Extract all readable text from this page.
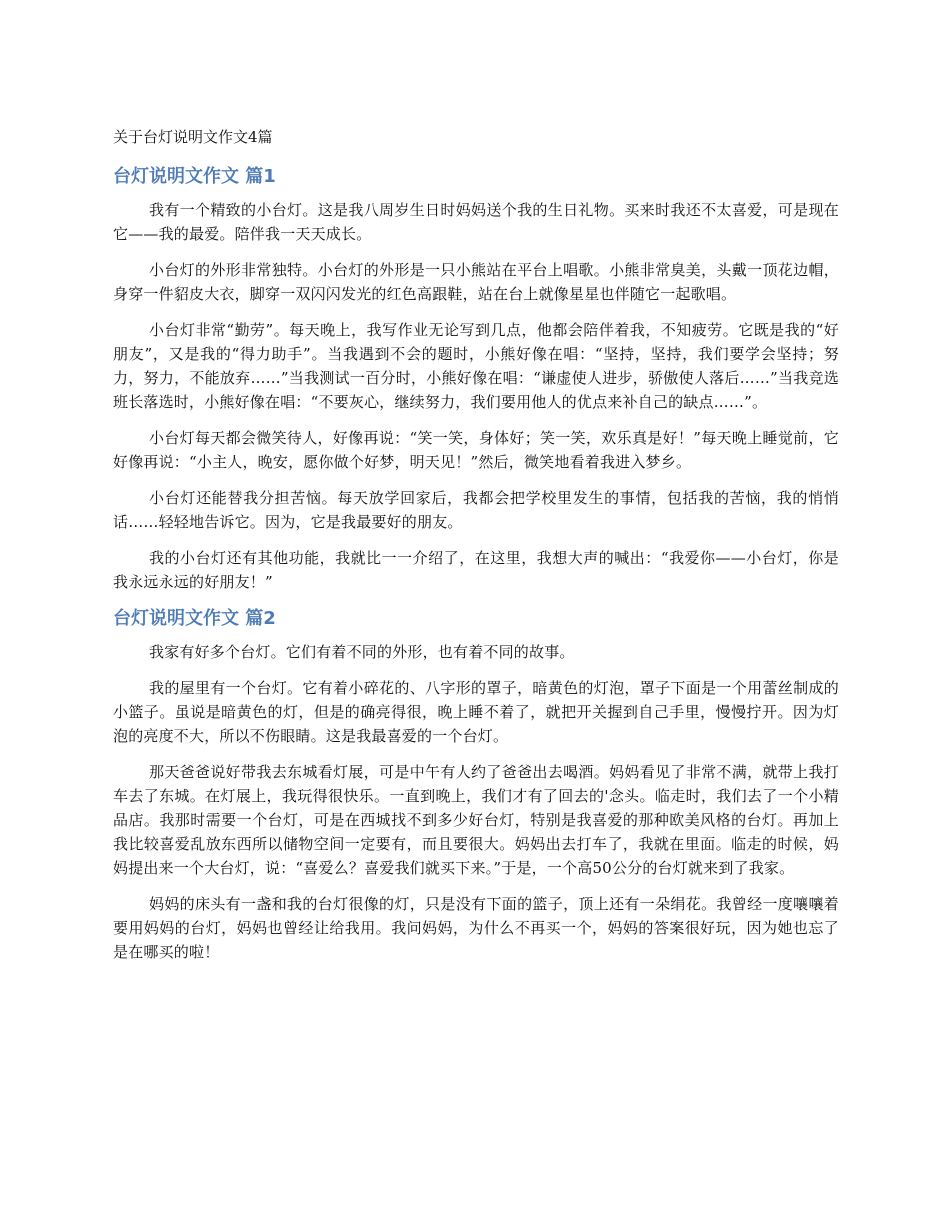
关于台灯说明文作文4篇
台灯说明文作文 篇1

我有一个精致的小台灯。这是我八周岁生日时妈妈送个我的生日礼物。买来时我还不太喜爱，可是现在它——我的最爱。陪伴我一天天成长。

小台灯的外形非常独特。小台灯的外形是一只小熊站在平台上唱歌。小熊非常臭美，头戴一顶花边帽，身穿一件貂皮大衣，脚穿一双闪闪发光的红色高跟鞋，站在台上就像星星也伴随它一起歌唱。

小台灯非常“勤劳”。每天晚上，我写作业无论写到几点，他都会陪伴着我，不知疲劳。它既是我的“好朋友”，又是我的“得力助手”。当我遇到不会的题时，小熊好像在唱：“坚持，坚持，我们要学会坚持；努力，努力，不能放弃……”当我测试一百分时，小熊好像在唱：“谦虚使人进步，骄傲使人落后……”当我竞选班长落选时，小熊好像在唱：“不要灰心，继续努力，我们要用他人的优点来补自己的缺点……”。

小台灯每天都会微笑待人，好像再说：“笑一笑，身体好；笑一笑，欢乐真是好！”每天晚上睡觉前，它好像再说：“小主人，晚安，愿你做个好梦，明天见！”然后，微笑地看着我进入梦乡。

小台灯还能替我分担苦恼。每天放学回家后，我都会把学校里发生的事情，包括我的苦恼，我的悄悄话……轻轻地告诉它。因为，它是我最要好的朋友。

我的小台灯还有其他功能，我就比一一介绍了，在这里，我想大声的喊出：“我爱你——小台灯，你是我永远永远的好朋友！”

台灯说明文作文 篇2

我家有好多个台灯。它们有着不同的外形，也有着不同的故事。

我的屋里有一个台灯。它有着小碎花的、八字形的罩子，暗黄色的灯泡，罩子下面是一个用蕾丝制成的小篮子。虽说是暗黄色的灯，但是的确亮得很，晚上睡不着了，就把开关握到自己手里，慢慢拧开。因为灯泡的亮度不大，所以不伤眼睛。这是我最喜爱的一个台灯。

那天爸爸说好带我去东城看灯展，可是中午有人约了爸爸出去喝酒。妈妈看见了非常不满，就带上我打车去了东城。在灯展上，我玩得很快乐。一直到晚上，我们才有了回去的'念头。临走时，我们去了一个小精品店。我那时需要一个台灯，可是在西城找不到多少好台灯，特别是我喜爱的那种欧美风格的台灯。再加上我比较喜爱乱放东西所以储物空间一定要有，而且要很大。妈妈出去打车了，我就在里面。临走的时候，妈妈提出来一个大台灯，说：“喜爱么？喜爱我们就买下来。”于是，一个高50公分的台灯就来到了我家。

妈妈的床头有一盏和我的台灯很像的灯，只是没有下面的篮子，顶上还有一朵绢花。我曾经一度嚷嚷着要用妈妈的台灯，妈妈也曾经让给我用。我问妈妈，为什么不再买一个，妈妈的答案很好玩，因为她也忘了是在哪买的啦！
